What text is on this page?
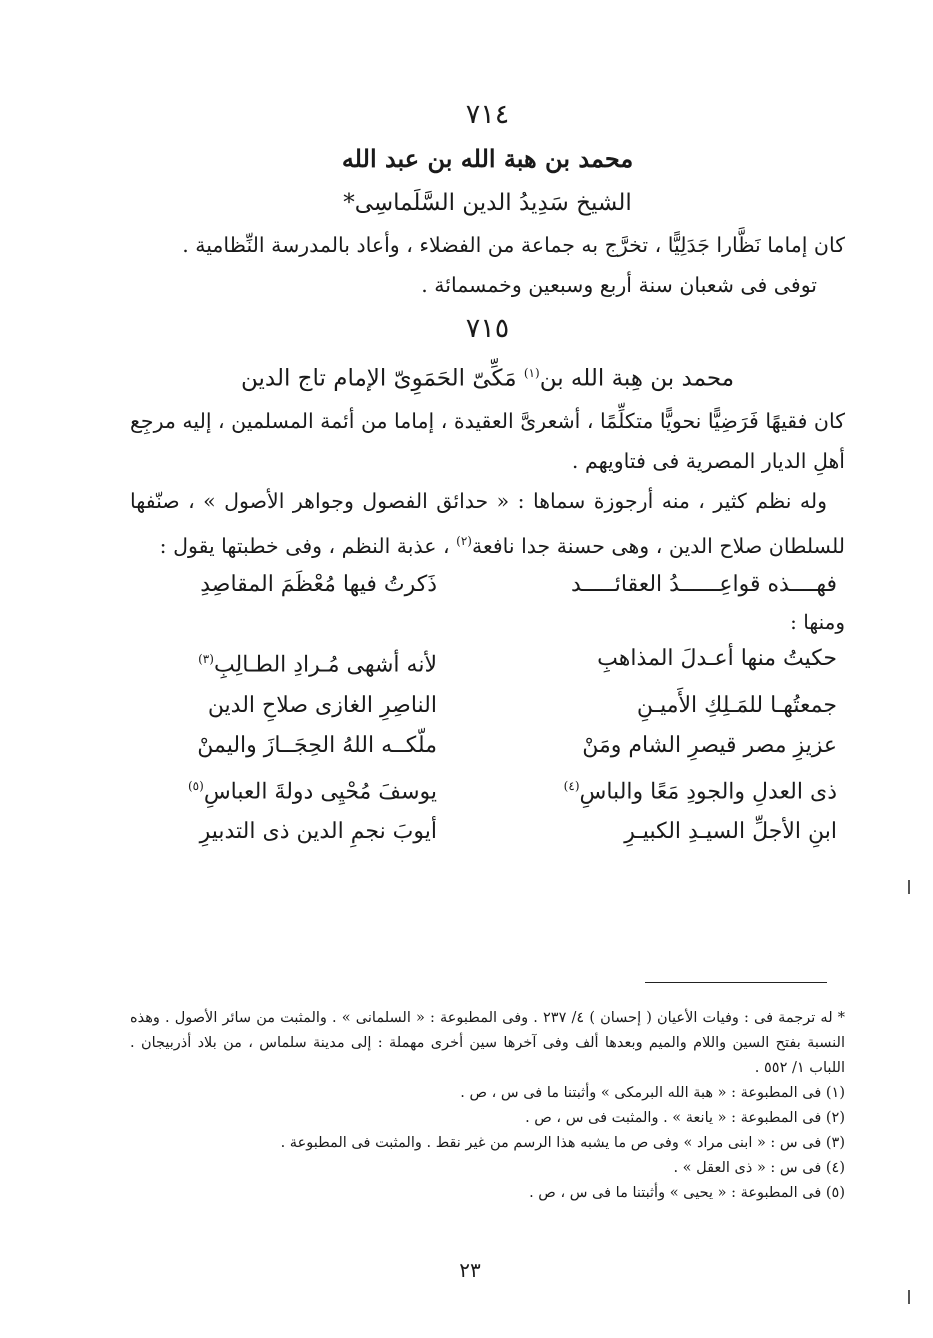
٧١٤
محمد بن هبة الله بن عبد الله
الشيخ سَدِيدُ الدين السَّلَماسِى*
كان إماما نَظَّارا جَدَلِيًّا ، تخرَّج به جماعة من الفضلاء ، وأعاد بالمدرسة النِّظامية .
توفى فى شعبان سنة أربع وسبعين وخمسمائة .
٧١٥
محمد بن هِبة الله بن$^{(١)}$ مَكِّىّ الحَمَوِىّ الإمام تاج الدين
كان فقيهًا فَرَضِيًّا نحويًّا متكلِّمًا ، أشعرىَّ العقيدة ، إماما من أئمة المسلمين ، إليه مرجِع أهلِ الديار المصرية فى فتاويهم .
وله نظم كثير ، منه أرجوزة سماها : « حدائق الفصول وجواهر الأصول » ، صنّفها للسلطان صلاح الدين ، وهى حسنة جدا نافعة$^{(٢)}$ ، عذبة النظم ، وفى خطبتها يقول :
فهــــذه قواعِــــــدُ العقائـــــد
ذَكرتُ فيها مُعْظَمَ المقاصِدِ
ومنها :
حكيتُ منها أعـدلَ المذاهبِ
لأنه أشهى مُـرادِ الطـالِبِ$^{(٣)}$
جمعتُهـا للمَـلِكِ الأَميـنِ
الناصِرِ الغازى صلاحِ الدين
عزيزِ مصر قيصرِ الشام ومَنْ
ملّكــه اللهُ الحِجَــازَ واليمنْ
ذى العدلِ والجودِ مَعًا والباسِ$^{(٤)}$
يوسفَ مُحْيِى دولةَ العباسِ$^{(٥)}$
ابنِ الأجلِّ السيـدِ الكبيـرِ
أيوبَ نجمِ الدين ذى التدبيرِ

* له ترجمة فى : وفيات الأعيان ( إحسان ) ٤/ ٢٣٧ . وفى المطبوعة : « السلمانى » . والمثبت من سائر الأصول . وهذه النسبة بفتح السين واللام والميم وبعدها ألف وفى آخرها سين أخرى مهملة : إلى مدينة سلماس ، من بلاد أذربيجان . اللباب ١/ ٥٥٢ .

(١) فى المطبوعة : « هبة الله البرمكى » وأثبتنا ما فى س ، ص .

(٢) فى المطبوعة : « يانعة » . والمثبت فى س ، ص .

(٣) فى س : « ابنى مراد » وفى ص ما يشبه هذا الرسم من غير نقط . والمثبت فى المطبوعة .

(٤) فى س : « ذى العقل » .

(٥) فى المطبوعة : « يحيى » وأثبتنا ما فى س ، ص .

٢٣
